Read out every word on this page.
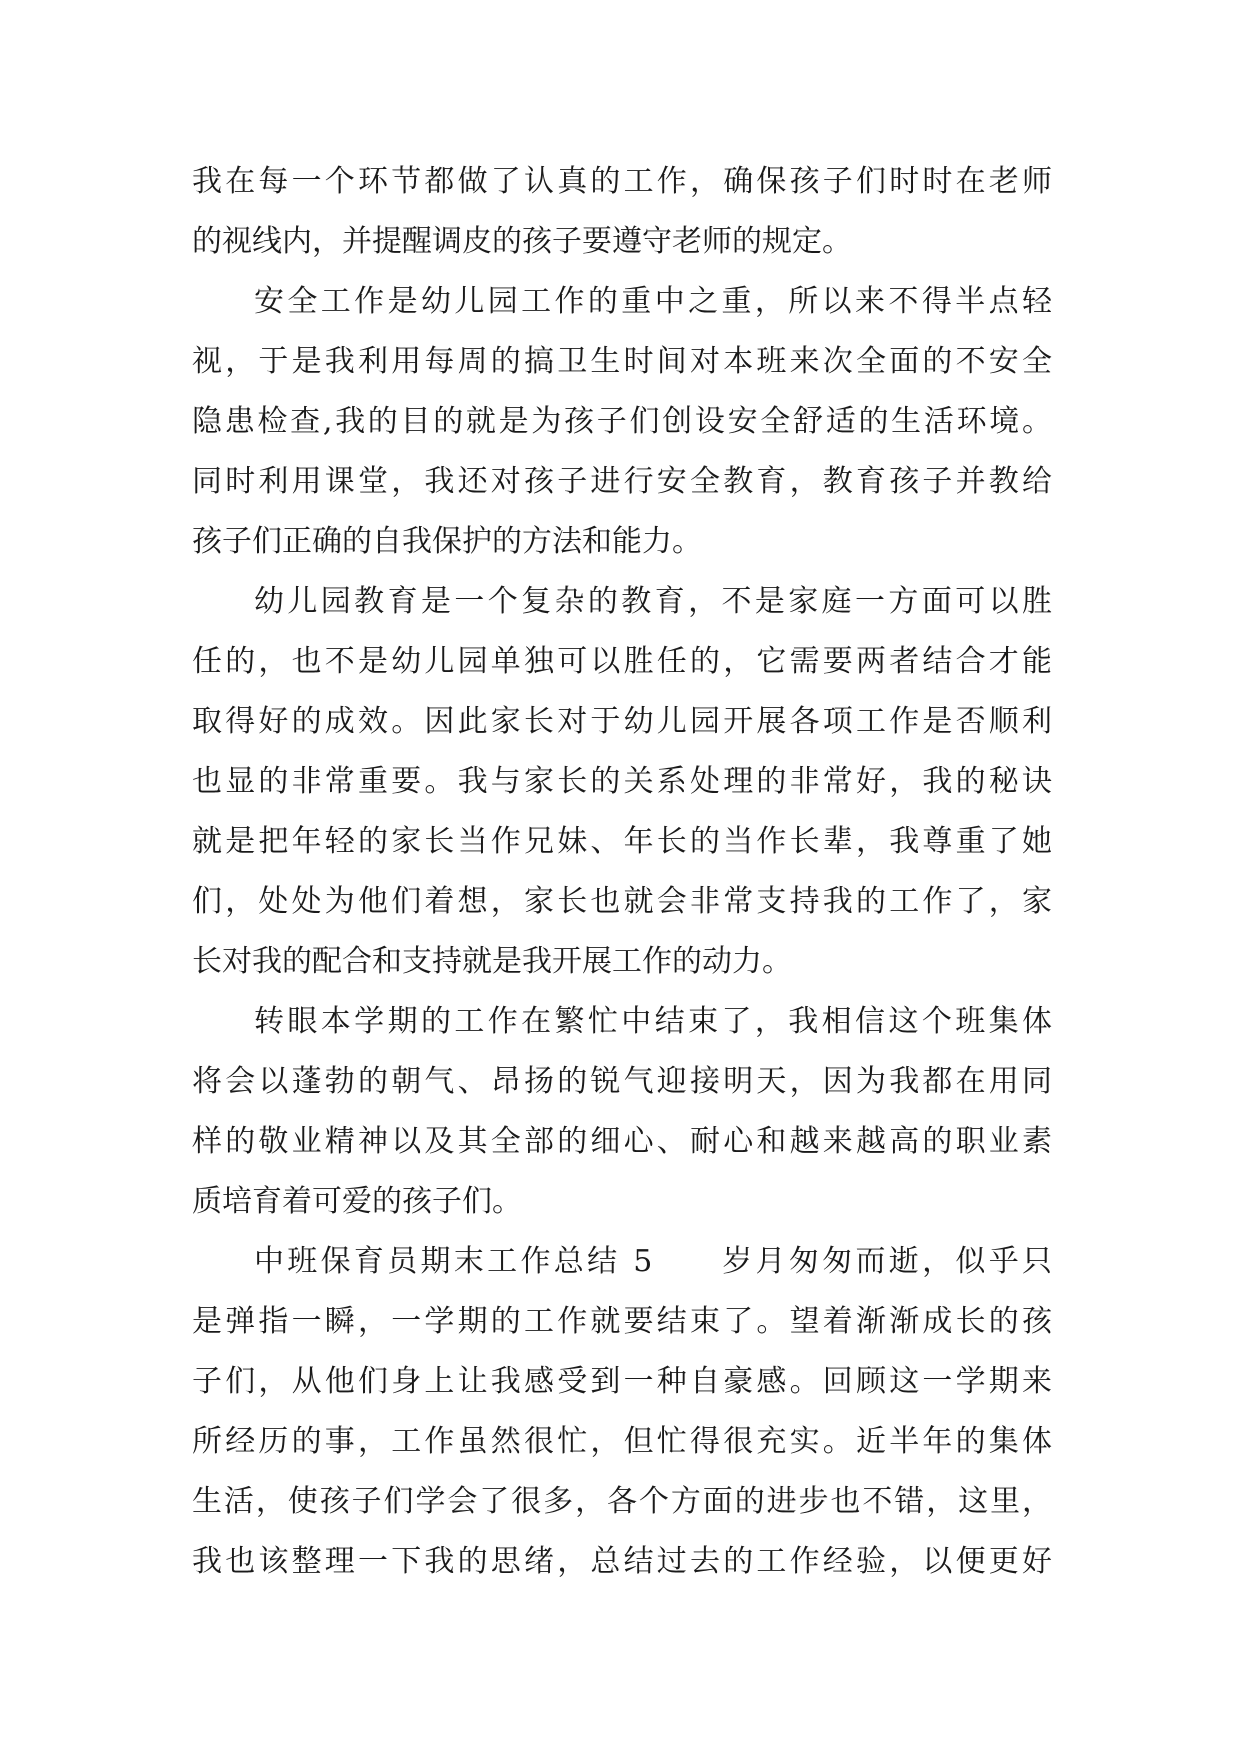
我在每一个环节都做了认真的工作，确保孩子们时时在老师
的视线内，并提醒调皮的孩子要遵守老师的规定。
安全工作是幼儿园工作的重中之重，所以来不得半点轻
视，于是我利用每周的搞卫生时间对本班来次全面的不安全
隐患检查,我的目的就是为孩子们创设安全舒适的生活环境。
同时利用课堂，我还对孩子进行安全教育，教育孩子并教给
孩子们正确的自我保护的方法和能力。
幼儿园教育是一个复杂的教育，不是家庭一方面可以胜
任的，也不是幼儿园单独可以胜任的，它需要两者结合才能
取得好的成效。因此家长对于幼儿园开展各项工作是否顺利
也显的非常重要。我与家长的关系处理的非常好，我的秘诀
就是把年轻的家长当作兄妹、年长的当作长辈，我尊重了她
们，处处为他们着想，家长也就会非常支持我的工作了，家
长对我的配合和支持就是我开展工作的动力。
转眼本学期的工作在繁忙中结束了，我相信这个班集体
将会以蓬勃的朝气、昂扬的锐气迎接明天，因为我都在用同
样的敬业精神以及其全部的细心、耐心和越来越高的职业素
质培育着可爱的孩子们。
中班保育员期末工作总结 5　　岁月匆匆而逝，似乎只
是弹指一瞬，一学期的工作就要结束了。望着渐渐成长的孩
子们，从他们身上让我感受到一种自豪感。回顾这一学期来
所经历的事，工作虽然很忙，但忙得很充实。近半年的集体
生活，使孩子们学会了很多，各个方面的进步也不错，这里，
我也该整理一下我的思绪，总结过去的工作经验，以便更好
